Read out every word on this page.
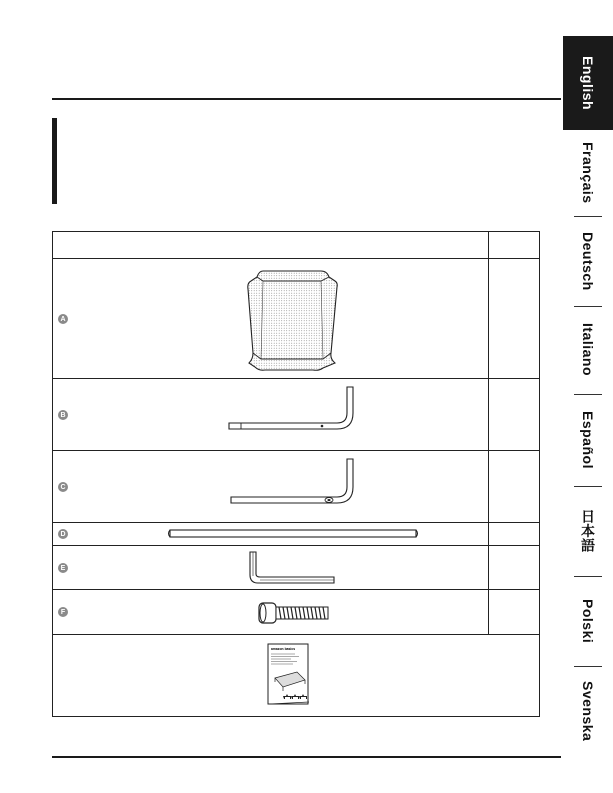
A
B
C
D
E
F
amazon basics
English
Français
Deutsch
Italiano
Español
日本語
Polski
Svenska
